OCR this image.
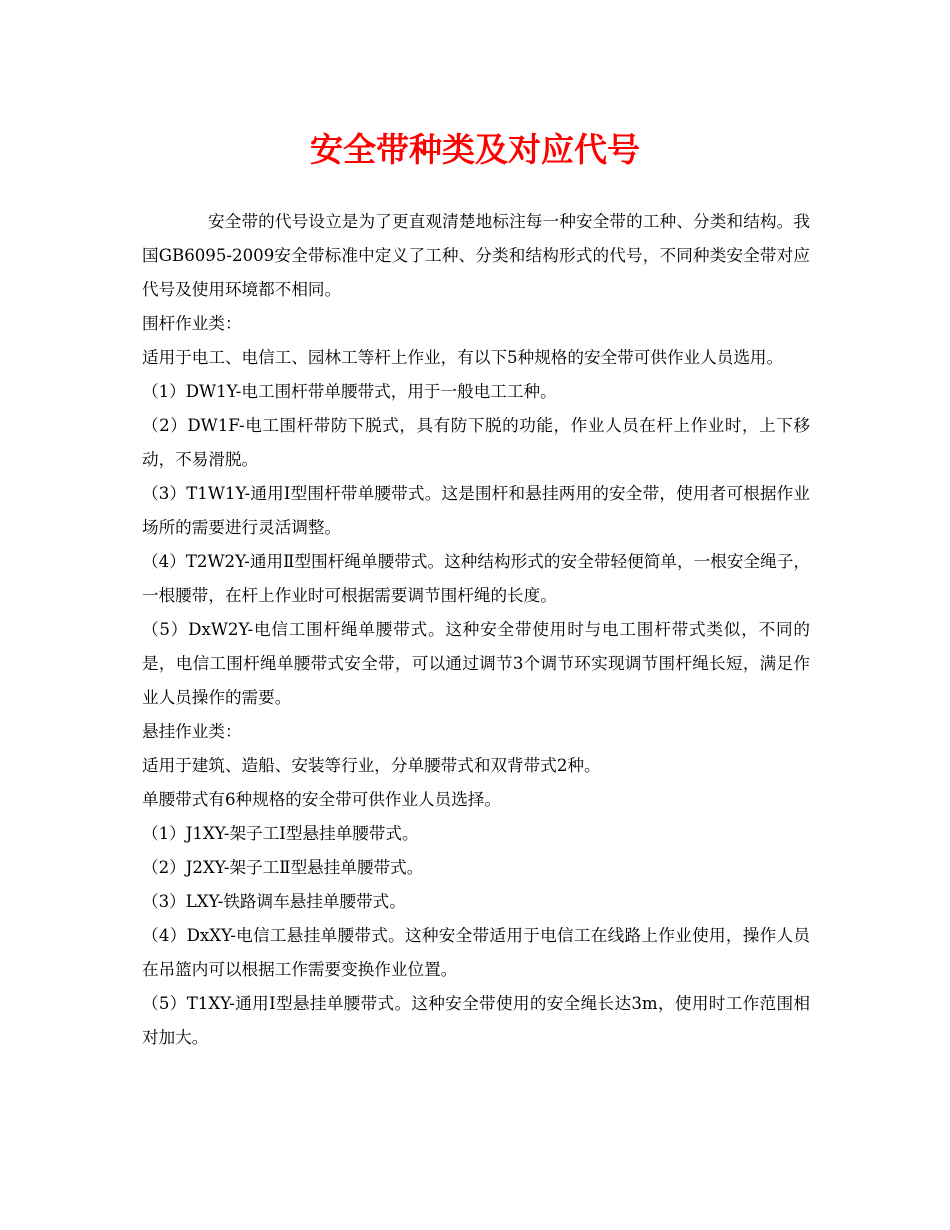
安全带种类及对应代号

安全带的代号设立是为了更直观清楚地标注每一种安全带的工种、分类和结构。我国GB6095-2009安全带标准中定义了工种、分类和结构形式的代号，不同种类安全带对应代号及使用环境都不相同。

围杆作业类：

适用于电工、电信工、园林工等杆上作业，有以下5种规格的安全带可供作业人员选用。

（1）DW1Y-电工围杆带单腰带式，用于一般电工工种。

（2）DW1F-电工围杆带防下脱式，具有防下脱的功能，作业人员在杆上作业时，上下移动，不易滑脱。

（3）T1W1Y-通用Ⅰ型围杆带单腰带式。这是围杆和悬挂两用的安全带，使用者可根据作业场所的需要进行灵活调整。

（4）T2W2Y-通用Ⅱ型围杆绳单腰带式。这种结构形式的安全带轻便简单，一根安全绳子，一根腰带，在杆上作业时可根据需要调节围杆绳的长度。

（5）DxW2Y-电信工围杆绳单腰带式。这种安全带使用时与电工围杆带式类似，不同的是，电信工围杆绳单腰带式安全带，可以通过调节3个调节环实现调节围杆绳长短，满足作业人员操作的需要。

悬挂作业类：

适用于建筑、造船、安装等行业，分单腰带式和双背带式2种。

单腰带式有6种规格的安全带可供作业人员选择。

（1）J1XY-架子工Ⅰ型悬挂单腰带式。

（2）J2XY-架子工Ⅱ型悬挂单腰带式。

（3）LXY-铁路调车悬挂单腰带式。

（4）DxXY-电信工悬挂单腰带式。这种安全带适用于电信工在线路上作业使用，操作人员在吊篮内可以根据工作需要变换作业位置。

（5）T1XY-通用Ⅰ型悬挂单腰带式。这种安全带使用的安全绳长达3m，使用时工作范围相对加大。
